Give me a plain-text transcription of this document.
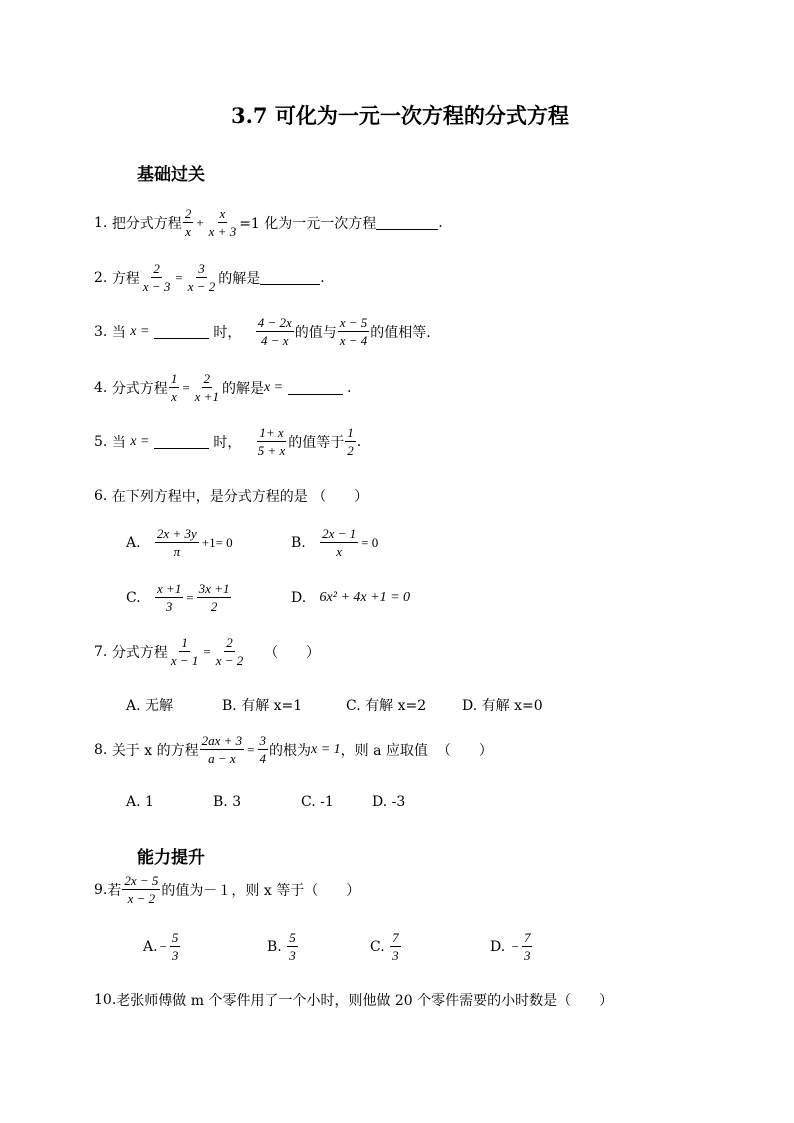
3.7 可化为一元一次方程的分式方程
基础过关
1.
把分式方程 $\frac{2}{x} + \frac{x}{x + 3} =1$ 化为一元一次方程	.
2.
方程 $\frac{2}{x - 3} = \frac{3}{x - 2}$ 的解是	.
3.
当
x =

	时，
$\frac{4 - 2x}{4 - x}$ 的值与 $\frac{x - 5}{x - 4}$ 的值相等.
4.
分式方程 $\frac{1}{x} = \frac{2}{x +1}$ 的解是 x =

	.
5.
当
x =

	时，
$\frac{1+ x}{5 + x}$ 的值等于 $\frac{1}{2}$ .
6.
在下列方程中，是分式方程的是
（　　）
A.
$\frac{2x + 3y}{\pi} +1= 0$	B.
$\frac{2x - 1}{x} = 0$
C.
$\frac{x +1}{3} = \frac{3x +1}{2}$	D.
6x² + 4x +1 = 0
7.
分式方程 $\frac{1}{x - 1} = \frac{2}{x - 2}$
（　　）
A. 无解	B. 有解 x=1	C. 有解 x=2	D. 有解 x=0
8.
关于 x 的方程 $\frac{2ax + 3}{a - x} = \frac{3}{4}$ 的根为 x = 1 ，则 a 应取值
（　　）
A. 1	B. 3	C. -1	D. -3
能力提升
9. 若 $\frac{2x - 5}{x - 2}$ 的值为－１，则 x 等于（　　）
A. − $\frac{5}{3}$	B.
$\frac{5}{3}$	C.
$\frac{7}{3}$	D.
− $\frac{7}{3}$
10. 老张师傅做 m 个零件用了一个小时，则他做 20 个零件需要的小时数是（　　）
